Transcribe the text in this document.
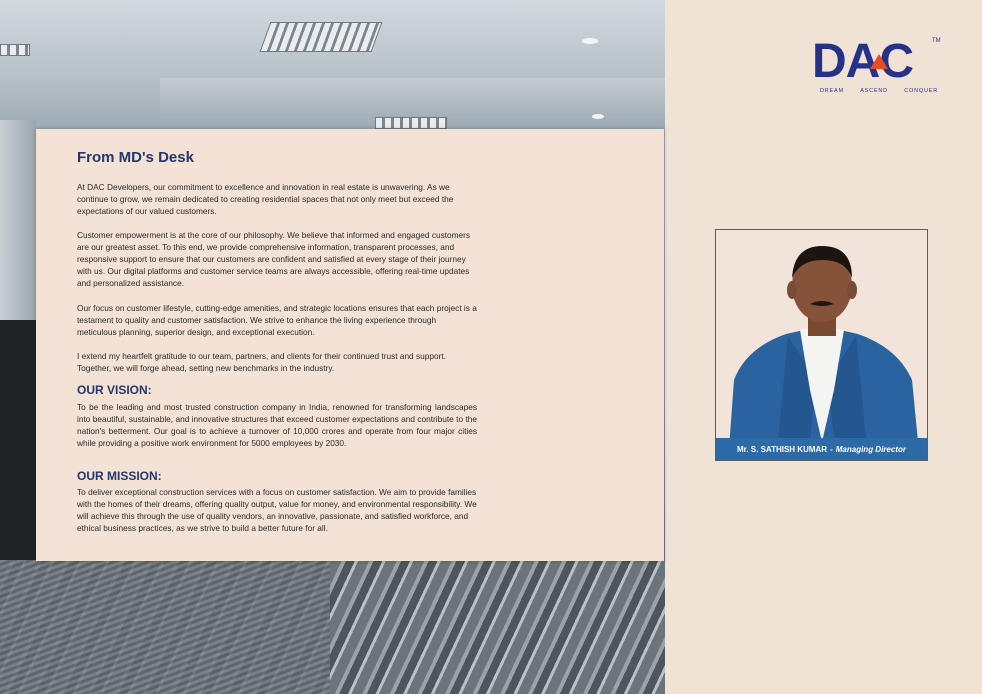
From MD's Desk

At DAC Developers, our commitment to excellence and innovation in real estate is unwavering. As we continue to grow, we remain dedicated to creating residential spaces that not only meet but exceed the expectations of our valued customers.

Customer empowerment is at the core of our philosophy. We believe that informed and engaged customers are our greatest asset. To this end, we provide comprehensive information, transparent processes, and responsive support to ensure that our customers are confident and satisfied at every stage of their journey with us. Our digital platforms and customer service teams are always accessible, offering real-time updates and personalized assistance.

Our focus on customer lifestyle, cutting-edge amenities, and strategic locations ensures that each project is a testament to quality and customer satisfaction. We strive to enhance the living experience through meticulous planning, superior design, and exceptional execution.

I extend my heartfelt gratitude to our team, partners, and clients for their continued trust and support. Together, we will forge ahead, setting new benchmarks in the industry.

OUR VISION:

To be the leading and most trusted construction company in India, renowned for transforming landscapes into beautiful, sustainable, and innovative structures that exceed customer expectations and contribute to the nation's betterment. Our goal is to achieve a turnover of 10,000 crores and operate from four major cities while providing a positive work environment for 5000 employees by 2030.

OUR MISSION:

To deliver exceptional construction services with a focus on customer satisfaction. We aim to provide families with the homes of their dreams, offering quality output, value for money, and environmental responsibility. We will achieve this through the use of quality vendors, an innovative, passionate, and satisfied workforce, and ethical business practices, as we strive to build a better future for all.

DAC	TM
DREAM	ASCEND	CONQUER
Mr. S. SATHISH KUMAR - Managing Director
